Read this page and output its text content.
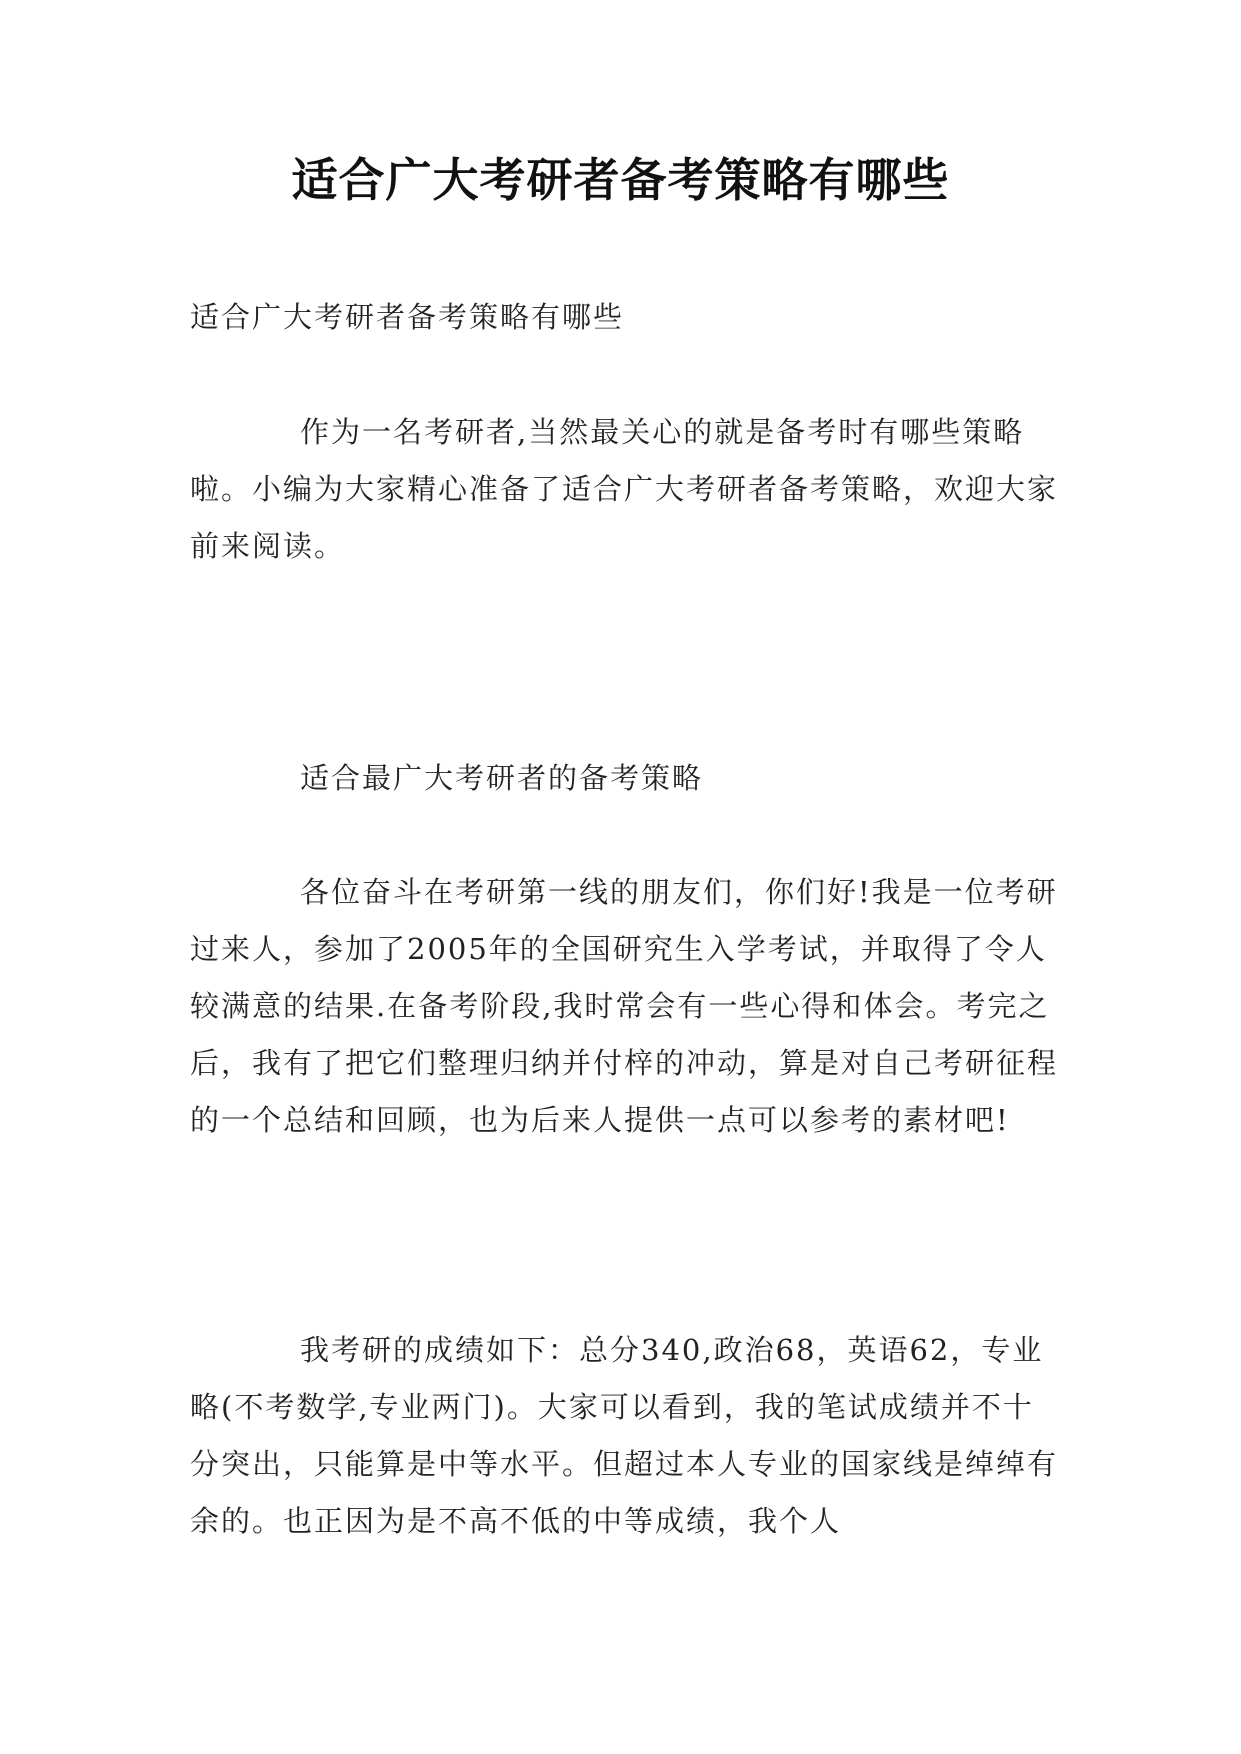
适合广大考研者备考策略有哪些
适合广大考研者备考策略有哪些

作为一名考研者,当然最关心的就是备考时有哪些策略啦。小编为大家精心准备了适合广大考研者备考策略，欢迎大家前来阅读。

适合最广大考研者的备考策略

各位奋斗在考研第一线的朋友们，你们好!我是一位考研过来人，参加了2005年的全国研究生入学考试，并取得了令人较满意的结果.在备考阶段,我时常会有一些心得和体会。考完之后，我有了把它们整理归纳并付梓的冲动，算是对自己考研征程的一个总结和回顾，也为后来人提供一点可以参考的素材吧!

我考研的成绩如下：总分340,政治68，英语62，专业略(不考数学,专业两门)。大家可以看到，我的笔试成绩并不十分突出，只能算是中等水平。但超过本人专业的国家线是绰绰有余的。也正因为是不高不低的中等成绩，我个人
